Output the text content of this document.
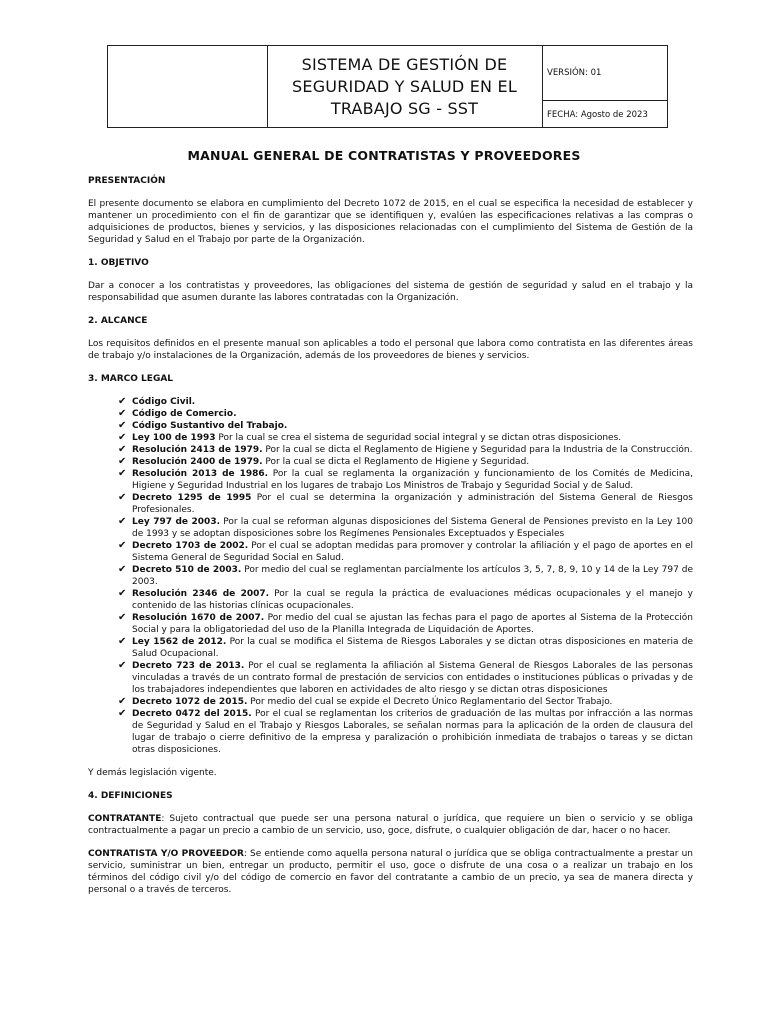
SISTEMA DE GESTIÓN DE
SEGURIDAD Y SALUD EN EL
TRABAJO SG - SST
VERSIÓN: 01
FECHA: Agosto de 2023
MANUAL GENERAL DE CONTRATISTAS Y PROVEEDORES

PRESENTACIÓN

El presente documento se elabora en cumplimiento del Decreto 1072 de 2015, en el cual se especifica la necesidad de establecer y mantener un procedimiento con el fin de garantizar que se identifiquen y, evalúen las especificaciones relativas a las compras o adquisiciones de productos, bienes y servicios, y las disposiciones relacionadas con el cumplimiento del Sistema de Gestión de la Seguridad y Salud en el Trabajo por parte de la Organización.

1. OBJETIVO

Dar a conocer a los contratistas y proveedores, las obligaciones del sistema de gestión de seguridad y salud en el trabajo y la responsabilidad que asumen durante las labores contratadas con la Organización.

2. ALCANCE

Los requisitos definidos en el presente manual son aplicables a todo el personal que labora como contratista en las diferentes áreas de trabajo y/o instalaciones de la Organización, además de los proveedores de bienes y servicios.

3. MARCO LEGAL

✔ Código Civil.
✔ Código de Comercio.
✔ Código Sustantivo del Trabajo.
✔ Ley 100 de 1993 Por la cual se crea el sistema de seguridad social integral y se dictan otras disposiciones.
✔ Resolución 2413 de 1979. Por la cual se dicta el Reglamento de Higiene y Seguridad para la Industria de la Construcción.
✔ Resolución 2400 de 1979. Por la cual se dicta el Reglamento de Higiene y Seguridad.
✔ Resolución 2013 de 1986. Por la cual se reglamenta la organización y funcionamiento de los Comités de Medicina, Higiene y Seguridad Industrial en los lugares de trabajo Los Ministros de Trabajo y Seguridad Social y de Salud.
✔ Decreto 1295 de 1995 Por el cual se determina la organización y administración del Sistema General de Riesgos Profesionales.
✔ Ley 797 de 2003. Por la cual se reforman algunas disposiciones del Sistema General de Pensiones previsto en la Ley 100 de 1993 y se adoptan disposiciones sobre los Regímenes Pensionales Exceptuados y Especiales
✔ Decreto 1703 de 2002. Por el cual se adoptan medidas para promover y controlar la afiliación y el pago de aportes en el Sistema General de Seguridad Social en Salud.
✔ Decreto 510 de 2003. Por medio del cual se reglamentan parcialmente los artículos 3, 5, 7, 8, 9, 10 y 14 de la Ley 797 de 2003.
✔ Resolución 2346 de 2007. Por la cual se regula la práctica de evaluaciones médicas ocupacionales y el manejo y contenido de las historias clínicas ocupacionales.
✔ Resolución 1670 de 2007. Por medio del cual se ajustan las fechas para el pago de aportes al Sistema de la Protección Social y para la obligatoriedad del uso de la Planilla Integrada de Liquidación de Aportes.
✔ Ley 1562 de 2012. Por la cual se modifica el Sistema de Riesgos Laborales y se dictan otras disposiciones en materia de Salud Ocupacional.
✔ Decreto 723 de 2013. Por el cual se reglamenta la afiliación al Sistema General de Riesgos Laborales de las personas vinculadas a través de un contrato formal de prestación de servicios con entidades o instituciones públicas o privadas y de los trabajadores independientes que laboren en actividades de alto riesgo y se dictan otras disposiciones
✔ Decreto 1072 de 2015. Por medio del cual se expide el Decreto Único Reglamentario del Sector Trabajo.
✔ Decreto 0472 del 2015. Por el cual se reglamentan los criterios de graduación de las multas por infracción a las normas de Seguridad y Salud en el Trabajo y Riesgos Laborales, se señalan normas para la aplicación de la orden de clausura del lugar de trabajo o cierre definitivo de la empresa y paralización o prohibición inmediata de trabajos o tareas y se dictan otras disposiciones.

Y demás legislación vigente.

4. DEFINICIONES

CONTRATANTE: Sujeto contractual que puede ser una persona natural o jurídica, que requiere un bien o servicio y se obliga contractualmente a pagar un precio a cambio de un servicio, uso, goce, disfrute, o cualquier obligación de dar, hacer o no hacer.

CONTRATISTA Y/O PROVEEDOR: Se entiende como aquella persona natural o jurídica que se obliga contractualmente a prestar un servicio, suministrar un bien, entregar un producto, permitir el uso, goce o disfrute de una cosa o a realizar un trabajo en los términos del código civil y/o del código de comercio en favor del contratante a cambio de un precio, ya sea de manera directa y personal o a través de terceros.
